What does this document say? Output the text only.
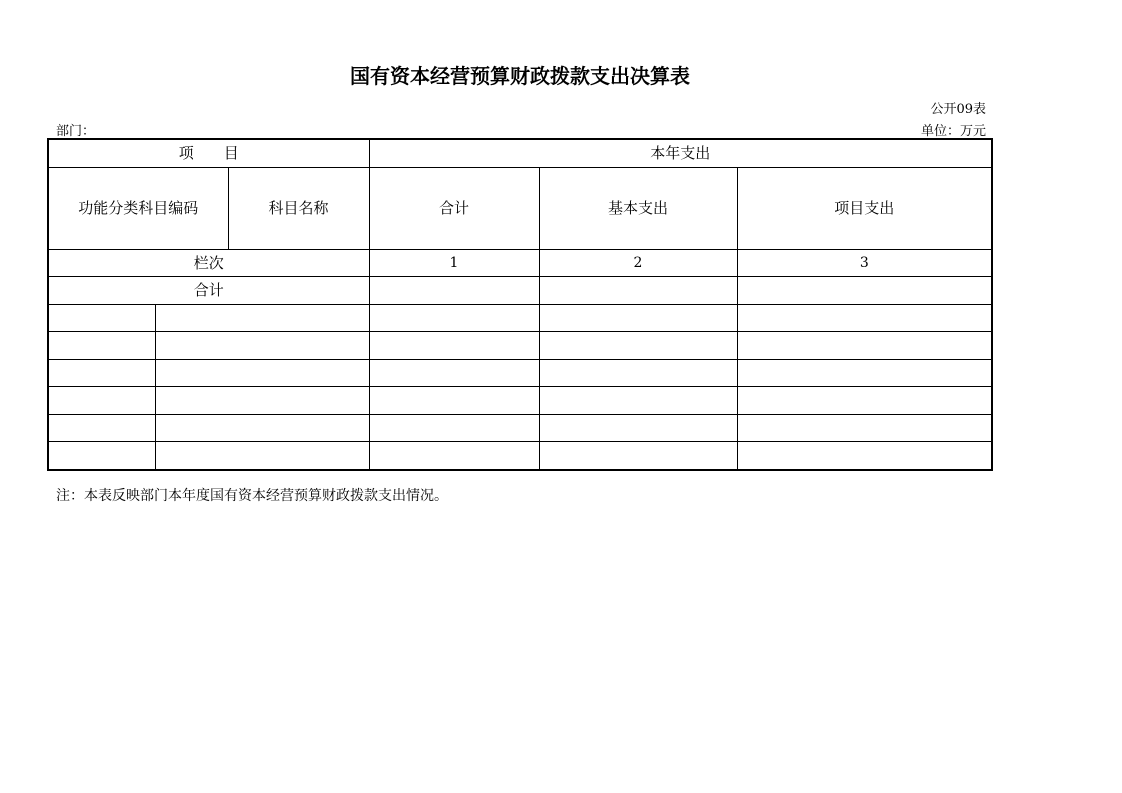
国有资本经营预算财政拨款支出决算表
公开09表
部门：	单位：万元
项　　目			本年支出		
功能分类科目编码		科目名称	合计	基本支出	项目支出
栏次			1	2	3
合计					

注：本表反映部门本年度国有资本经营预算财政拨款支出情况。
